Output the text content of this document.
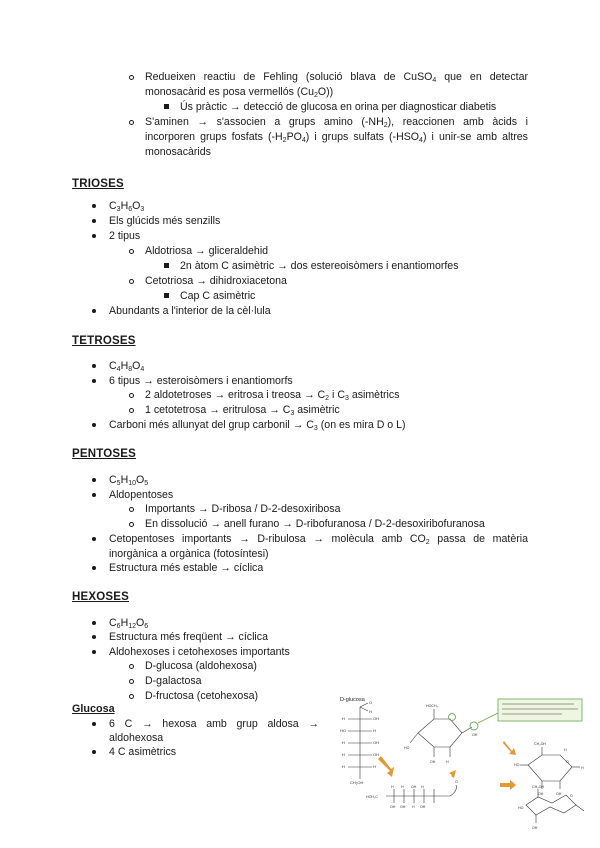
Redueixen reactiu de Fehling (solució blava de CuSO$_4$ que en detectar
monosacàrid es posa vermellós $(Cu_2O)$)
Ús pràctic → detecció de glucosa en orina per diagnosticar diabetis
S'aminen → s'associen a grups amino $(-NH_2)$, reaccionen amb àcids i
incorporen grups fosfats $(-H_2PO_4)$ i grups sulfats $(-HSO_4)$ i unir-se amb altres
monosacàrids
TRIOSES
$C_3H_6O_3$
Els glúcids més senzills
2 tipus
Aldotriosa → gliceraldehid
2n àtom C asimètric → dos estereoisòmers i enantiomorfes
Cetotriosa → dihidroxiacetona
Cap C asimètric
Abundants a l'interior de la cèl·lula
TETROSES
$C_4H_8O_4$
6 tipus → esteroisòmers i enantiomorfs
2 aldotetroses → eritrosa i treosa → $C_2$ i $C_3$ asimètrics
1 cetotetrosa → eritrulosa → $C_3$ asimètric
Carboni més allunyat del grup carbonil → $C_3$ (on es mira D o L)
PENTOSES
$C_5H_{10}O_5$
Aldopentoses
Importants → D-ribosa / D-2-desoxiribosa
En dissolució → anell furano → D-ribofuranosa / D-2-desoxiribofuranosa
Cetopentoses importants → D-ribulosa → molècula amb $CO_2$ passa de matèria
inorgànica a orgànica (fotosíntesi)
Estructura més estable → cíclica
HEXOSES
$C_6H_{12}O_6$
Estructura més freqüent → cíclica
Aldohexoses i cetohexoses importants
D-glucosa (aldohexosa)
D-galactosa
D-fructosa (cetohexosa)
Glucosa
6 C → hexosa amb grup aldosa →
aldohexosa
4 C asimètrics
D-glucosa O
H
H	OH
HO	H
H	OH
H	OH
H	H
CH₂OH
HOH₂C
H H OH H
OH OH H OH
O
HOCH₂
HO
OH	H
OH
CH₂OH
H
O
H
HO
OH	OH
CH₂OH
O
HO
OH
